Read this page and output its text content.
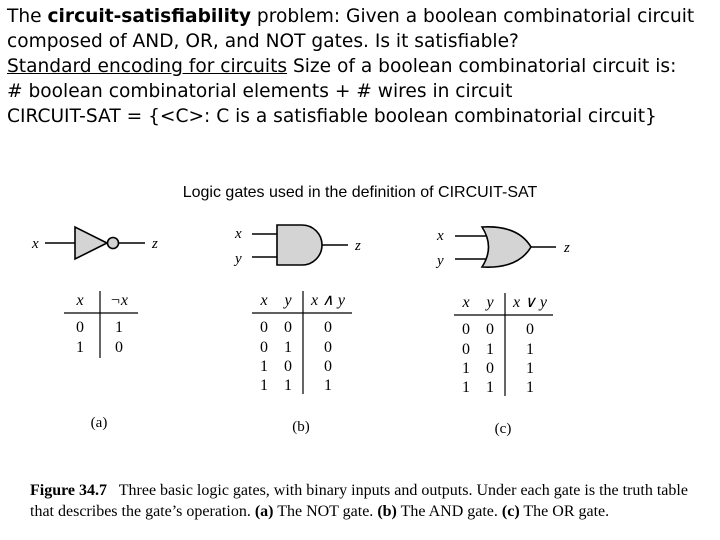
The circuit-satisfiability problem: Given a boolean combinatorial circuit
composed of AND, OR, and NOT gates. Is it satisfiable?
Standard encoding for circuits Size of a boolean combinatorial circuit is:
# boolean combinatorial elements + # wires in circuit
CIRCUIT-SAT = {<C>: C is a satisfiable boolean combinatorial circuit}
Logic gates used in the definition of CIRCUIT-SAT
x	z
x ¬x
0 1
1 0
(a)
x
y
z
x y x ∧ y
0 0 0
0 1 0
1 0 0
1 1 1
(b)
x
y
z
x y x ∨ y
0 0 0
0 1 1
1 0 1
1 1 1
(c)
Figure 34.7 Three basic logic gates, with binary inputs and outputs. Under each gate is the truth table that describes the gate’s operation. (a) The NOT gate. (b) The AND gate. (c) The OR gate.
